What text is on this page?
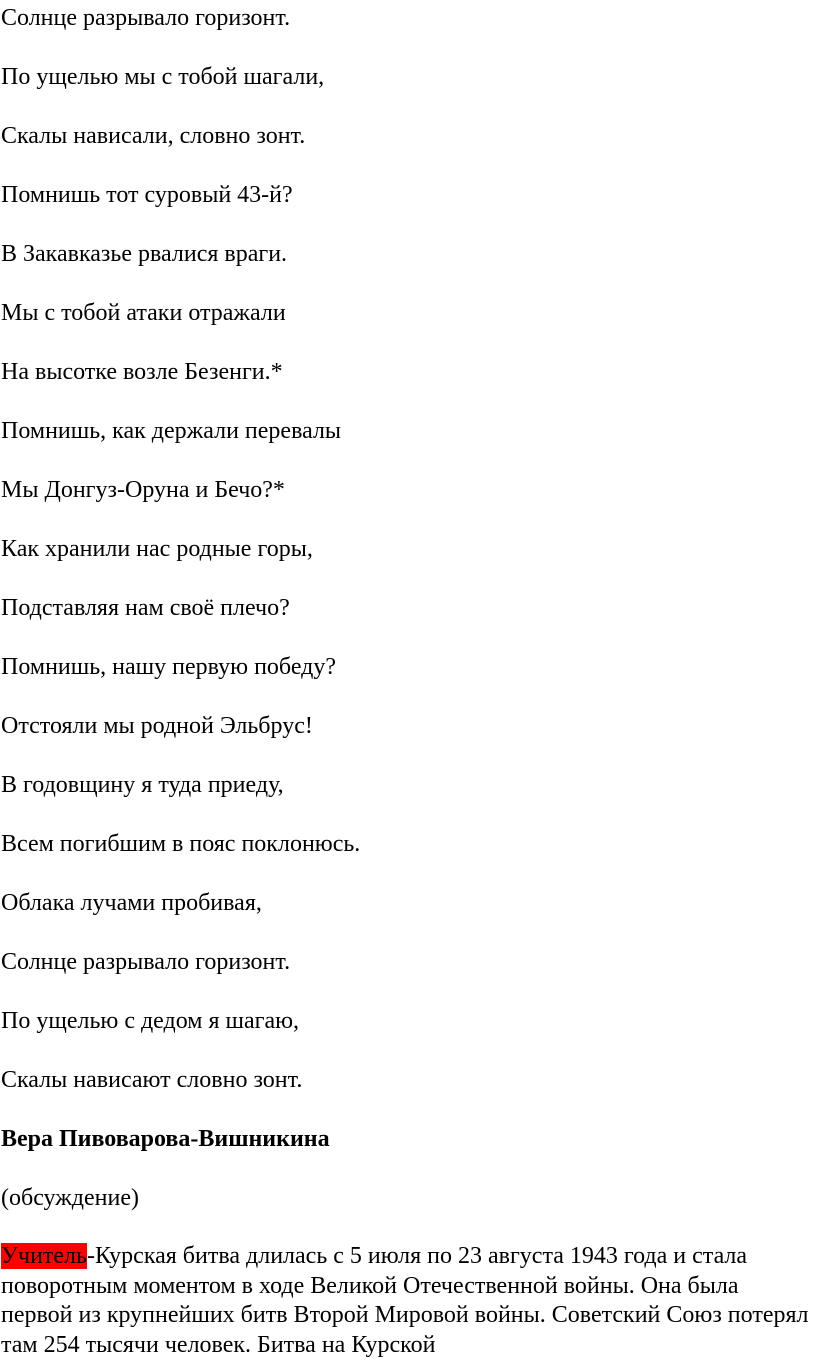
Солнце разрывало горизонт.

По ущелью мы с тобой шагали,

Скалы нависали, словно зонт.

Помнишь тот суровый 43-й?

В Закавказье рвалися враги.

Мы с тобой атаки отражали

На высотке возле Безенги.*

Помнишь, как держали перевалы

Мы Донгуз-Оруна и Бечо?*

Как хранили нас родные горы,

Подставляя нам своё плечо?

Помнишь, нашу первую победу?

Отстояли мы родной Эльбрус!

В годовщину я туда приеду,

Всем погибшим в пояс поклонюсь.

Облака лучами пробивая,

Солнце разрывало горизонт.

По ущелью с дедом я шагаю,

Скалы нависают словно зонт.

Вера Пивоварова-Вишникина

(обсуждение)

Учитель-Курская битва длилась с 5 июля по 23 августа 1943 года и стала поворотным моментом в ходе Великой Отечественной войны. Она была первой из крупнейших битв Второй Мировой войны. Советский Союз потерял там 254 тысячи человек. Битва на Курской
